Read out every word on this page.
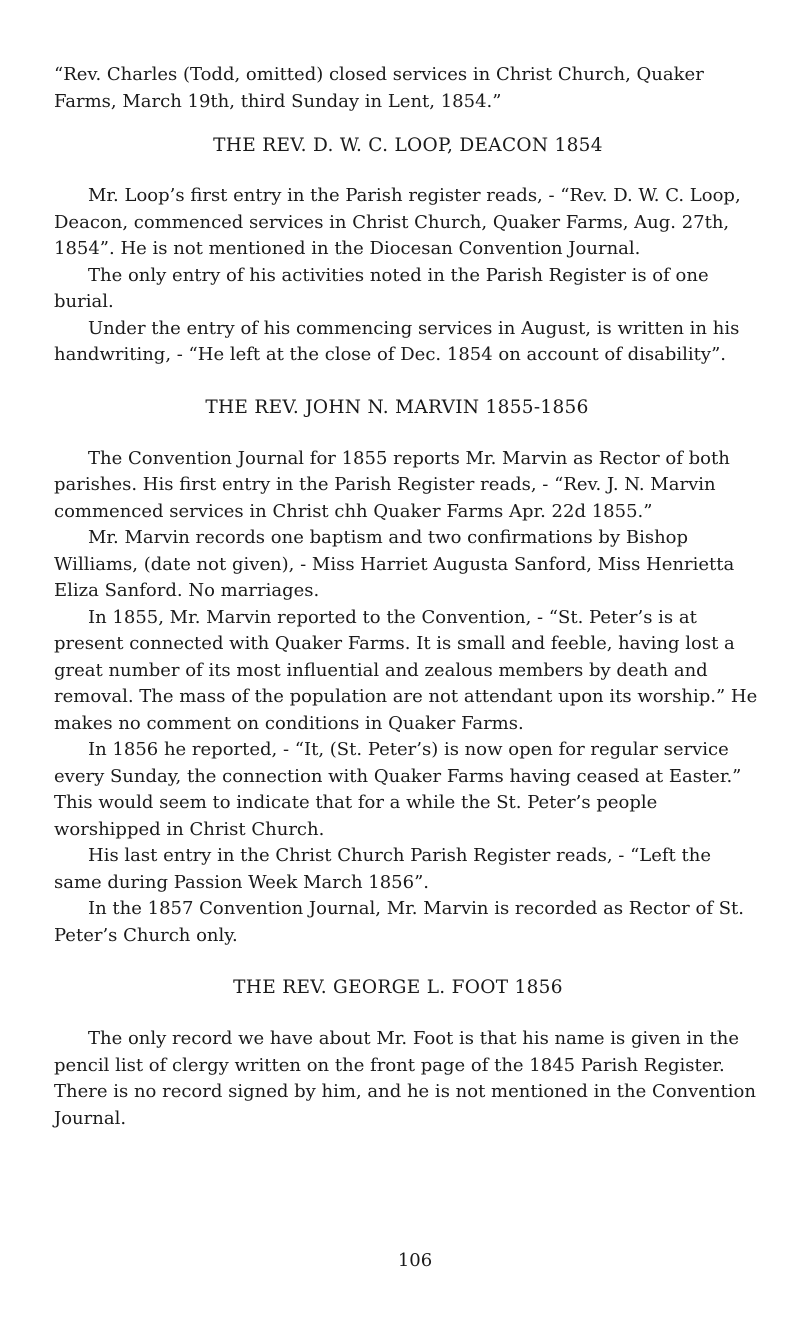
“Rev. Charles (Todd, omitted) closed services in Christ Church, Quaker Farms, March 19th, third Sunday in Lent, 1854.”

THE REV. D. W. C. LOOP, DEACON 1854

Mr. Loop’s first entry in the Parish register reads, - “Rev. D. W. C. Loop, Deacon, commenced services in Christ Church, Quaker Farms, Aug. 27th, 1854”. He is not mentioned in the Diocesan Convention Journal.

The only entry of his activities noted in the Parish Register is of one burial.

Under the entry of his commencing services in August, is written in his handwriting, - “He left at the close of Dec. 1854 on account of disability”.

THE REV. JOHN N. MARVIN 1855-1856

The Convention Journal for 1855 reports Mr. Marvin as Rector of both parishes. His first entry in the Parish Register reads, - “Rev. J. N. Marvin commenced services in Christ chh Quaker Farms Apr. 22d 1855.”

Mr. Marvin records one baptism and two confirmations by Bishop Williams, (date not given), - Miss Harriet Augusta Sanford, Miss Henrietta Eliza Sanford. No marriages.

In 1855, Mr. Marvin reported to the Convention, - “St. Peter’s is at present connected with Quaker Farms. It is small and feeble, having lost a great number of its most influential and zealous members by death and removal. The mass of the population are not attendant upon its worship.” He makes no comment on conditions in Quaker Farms.

In 1856 he reported, - “It, (St. Peter’s) is now open for regular service every Sunday, the connection with Quaker Farms having ceased at Easter.” This would seem to indicate that for a while the St. Peter’s people worshipped in Christ Church.

His last entry in the Christ Church Parish Register reads, - “Left the same during Passion Week March 1856”.

In the 1857 Convention Journal, Mr. Marvin is recorded as Rector of St. Peter’s Church only.

THE REV. GEORGE L. FOOT 1856

The only record we have about Mr. Foot is that his name is given in the pencil list of clergy written on the front page of the 1845 Parish Register. There is no record signed by him, and he is not mentioned in the Convention Journal.

106
